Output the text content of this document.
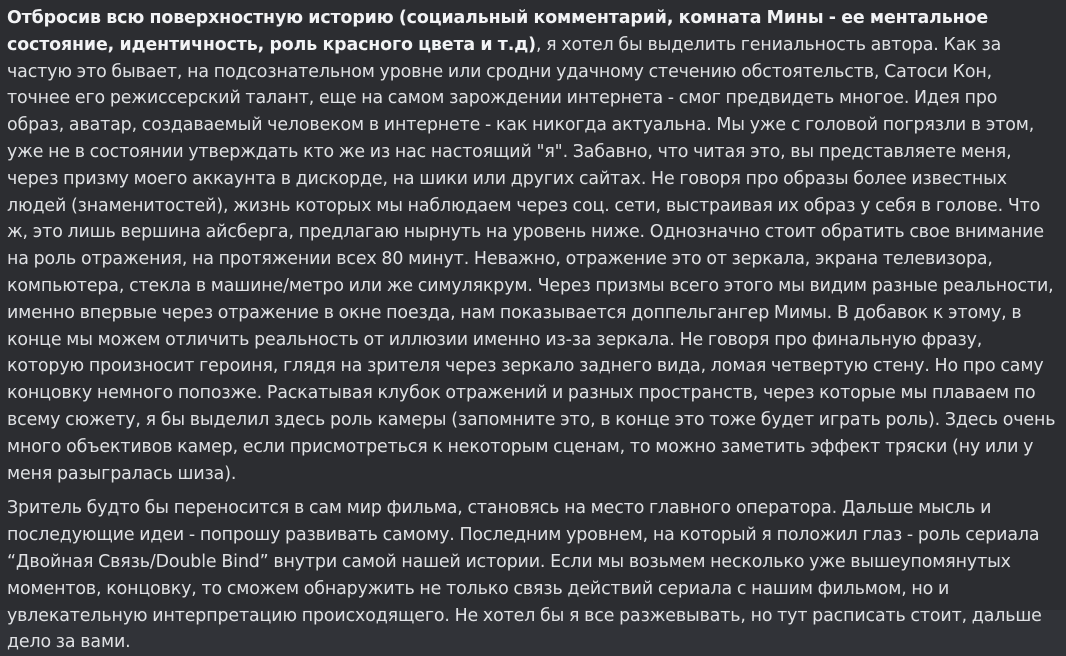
Отбросив всю поверхностную историю (социальный комментарий, комната Мины - ее ментальное состояние, идентичность, роль красного цвета и т.д), я хотел бы выделить гениальность автора. Как за частую это бывает, на подсознательном уровне или сродни удачному стечению обстоятельств, Сатоси Кон, точнее его режиссерский талант, еще на самом зарождении интернета - смог предвидеть многое. Идея про образ, аватар, создаваемый человеком в интернете - как никогда актуальна. Мы уже с головой погрязли в этом, уже не в состоянии утверждать кто же из нас настоящий "я". Забавно, что читая это, вы представляете меня, через призму моего аккаунта в дискорде, на шики или других сайтах. Не говоря про образы более известных людей (знаменитостей), жизнь которых мы наблюдаем через соц. сети, выстраивая их образ у себя в голове. Что ж, это лишь вершина айсберга, предлагаю нырнуть на уровень ниже. Однозначно стоит обратить свое внимание на роль отражения, на протяжении всех 80 минут. Неважно, отражение это от зеркала, экрана телевизора, компьютера, стекла в машине/метро или же симулякрум. Через призмы всего этого мы видим разные реальности, именно впервые через отражение в окне поезда, нам показывается доппельгангер Мимы. В добавок к этому, в конце мы можем отличить реальность от иллюзии именно из-за зеркала. Не говоря про финальную фразу, которую произносит героиня, глядя на зрителя через зеркало заднего вида, ломая четвертую стену. Но про саму концовку немного попозже. Раскатывая клубок отражений и разных пространств, через которые мы плаваем по всему сюжету, я бы выделил здесь роль камеры (запомните это, в конце это тоже будет играть роль). Здесь очень много объективов камер, если присмотреться к некоторым сценам, то можно заметить эффект тряски (ну или у меня разыгралась шиза).

Зритель будто бы переносится в сам мир фильма, становясь на место главного оператора. Дальше мысль и последующие идеи - попрошу развивать самому. Последним уровнем, на который я положил глаз - роль сериала “Двойная Связь/Double Bind” внутри самой нашей истории. Если мы возьмем несколько уже вышеупомянутых моментов, концовку, то сможем обнаружить не только связь действий сериала с нашим фильмом, но и увлекательную интерпретацию происходящего. Не хотел бы я все разжевывать, но тут расписать стоит, дальше дело за вами.
